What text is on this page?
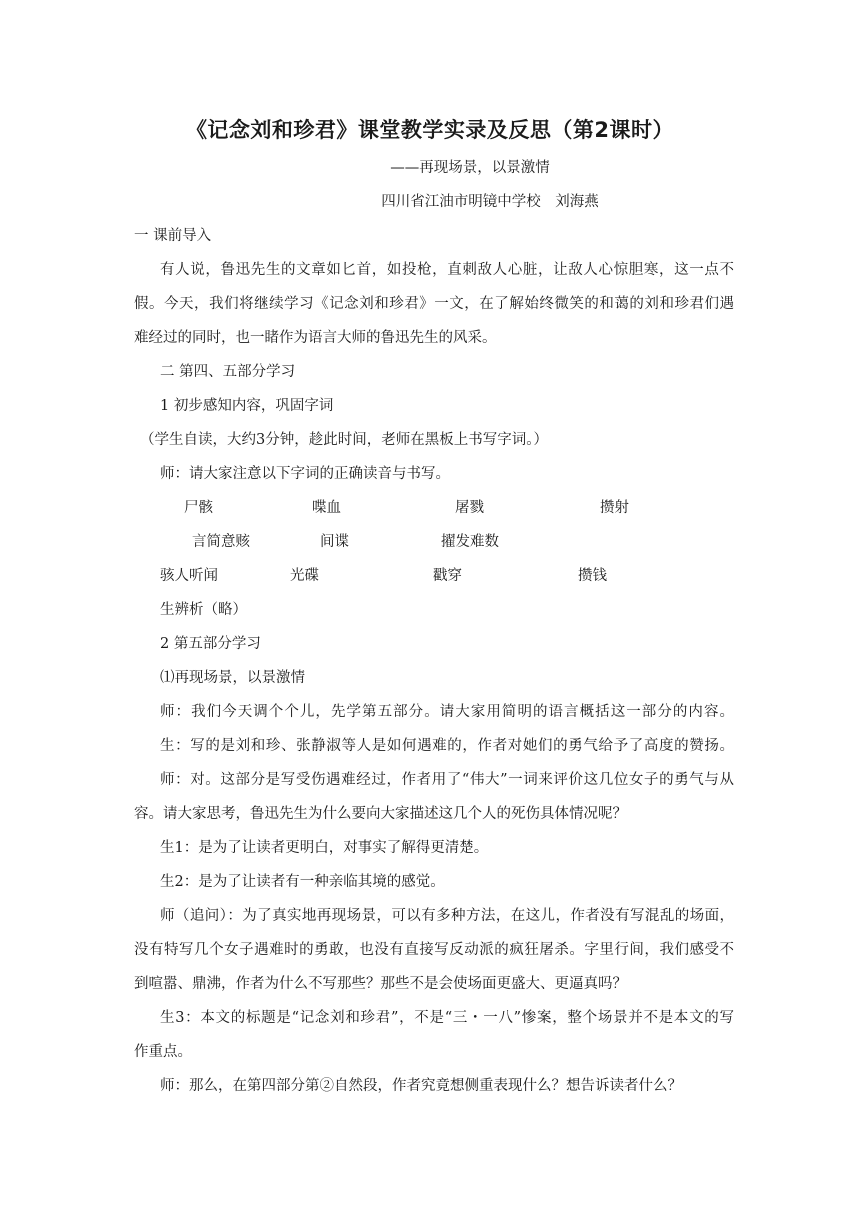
《记念刘和珍君》课堂教学实录及反思（第2课时）
——再现场景，以景激情
四川省江油市明镜中学校　刘海燕
一 课前导入
有人说，鲁迅先生的文章如匕首，如投枪，直刺敌人心脏，让敌人心惊胆寒，这一点不
假。今天，我们将继续学习《记念刘和珍君》一文，在了解始终微笑的和蔼的刘和珍君们遇
难经过的同时，也一睹作为语言大师的鲁迅先生的风采。
二 第四、五部分学习
1 初步感知内容，巩固字词
（学生自读，大约3分钟，趁此时间，老师在黑板上书写字词。）
师：请大家注意以下字词的正确读音与书写。
尸骸	喋血	屠戮	攒射
言简意赅	间谍	擢发难数
骇人听闻	光碟	戳穿	攒钱
生辨析（略）
2 第五部分学习
⑴再现场景，以景激情
师：我们今天调个个儿，先学第五部分。请大家用简明的语言概括这一部分的内容。
生：写的是刘和珍、张静淑等人是如何遇难的，作者对她们的勇气给予了高度的赞扬。
师：对。这部分是写受伤遇难经过，作者用了“伟大”一词来评价这几位女子的勇气与从
容。请大家思考，鲁迅先生为什么要向大家描述这几个人的死伤具体情况呢？
生1：是为了让读者更明白，对事实了解得更清楚。
生2：是为了让读者有一种亲临其境的感觉。
师（追问）：为了真实地再现场景，可以有多种方法，在这儿，作者没有写混乱的场面，
没有特写几个女子遇难时的勇敢，也没有直接写反动派的疯狂屠杀。字里行间，我们感受不
到喧嚣、鼎沸，作者为什么不写那些？那些不是会使场面更盛大、更逼真吗？
生3：本文的标题是“记念刘和珍君”，不是“三・一八”惨案，整个场景并不是本文的写
作重点。
师：那么，在第四部分第②自然段，作者究竟想侧重表现什么？想告诉读者什么？
